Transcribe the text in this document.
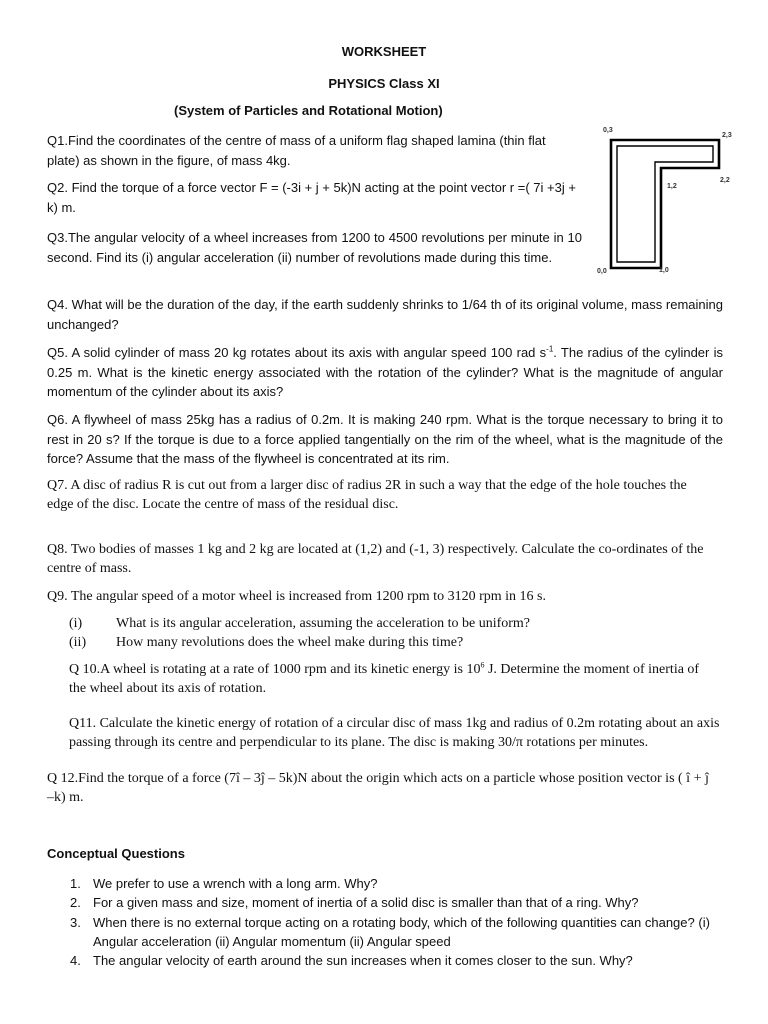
WORKSHEET
PHYSICS Class XI
(System of Particles and Rotational Motion)
0,3
2,3
2,2
1,2
0,0	1,0

Q1.Find the coordinates of the centre of mass of a uniform flag shaped lamina (thin flat plate) as shown in the figure, of mass 4kg.

Q2. Find the torque of a force vector F = (-3i + j + 5k)N acting at the point vector r =( 7i +3j + k) m.

Q3.The angular velocity of a wheel increases from 1200 to 4500 revolutions per minute in 10 second. Find its (i) angular acceleration (ii) number of revolutions made during this time.

Q4. What will be the duration of the day, if the earth suddenly shrinks to 1/64 th of its original volume, mass remaining unchanged?

Q5. A solid cylinder of mass 20 kg rotates about its axis with angular speed 100 rad $s^{-1}$. The radius of the cylinder is 0.25 m. What is the kinetic energy associated with the rotation of the cylinder? What is the magnitude of angular momentum of the cylinder about its axis?

Q6. A flywheel of mass 25kg has a radius of 0.2m. It is making 240 rpm. What is the torque necessary to bring it to rest in 20 s? If the torque is due to a force applied tangentially on the rim of the wheel, what is the magnitude of the force? Assume that the mass of the flywheel is concentrated at its rim.

Q7. A disc of radius R is cut out from a larger disc of radius 2R in such a way that the edge of the hole touches the edge of the disc. Locate the centre of mass of the residual disc.

Q8. Two bodies of masses 1 kg and 2 kg are located at (1,2) and (-1, 3) respectively. Calculate the co-ordinates of the centre of mass.

Q9. The angular speed of a motor wheel is increased from 1200 rpm to 3120 rpm in 16 s.

(i) What is its angular acceleration, assuming the acceleration to be uniform?
(ii) How many revolutions does the wheel make during this time?

Q 10.A wheel is rotating at a rate of 1000 rpm and its kinetic energy is $10^6$ J. Determine the moment of inertia of the wheel about its axis of rotation.

Q11. Calculate the kinetic energy of rotation of a circular disc of mass 1kg and radius of 0.2m rotating about an axis passing through its centre and perpendicular to its plane. The disc is making 30/π rotations per minutes.

Q 12.Find the torque of a force (7î – 3ĵ – 5k)N about the origin which acts on a particle whose position vector is ( î + ĵ –k) m.

Conceptual Questions
1. We prefer to use a wrench with a long arm. Why?
2. For a given mass and size, moment of inertia of a solid disc is smaller than that of a ring. Why?
3. When there is no external torque acting on a rotating body, which of the following quantities can change? (i) Angular acceleration (ii) Angular momentum (ii) Angular speed
4. The angular velocity of earth around the sun increases when it comes closer to the sun. Why?
